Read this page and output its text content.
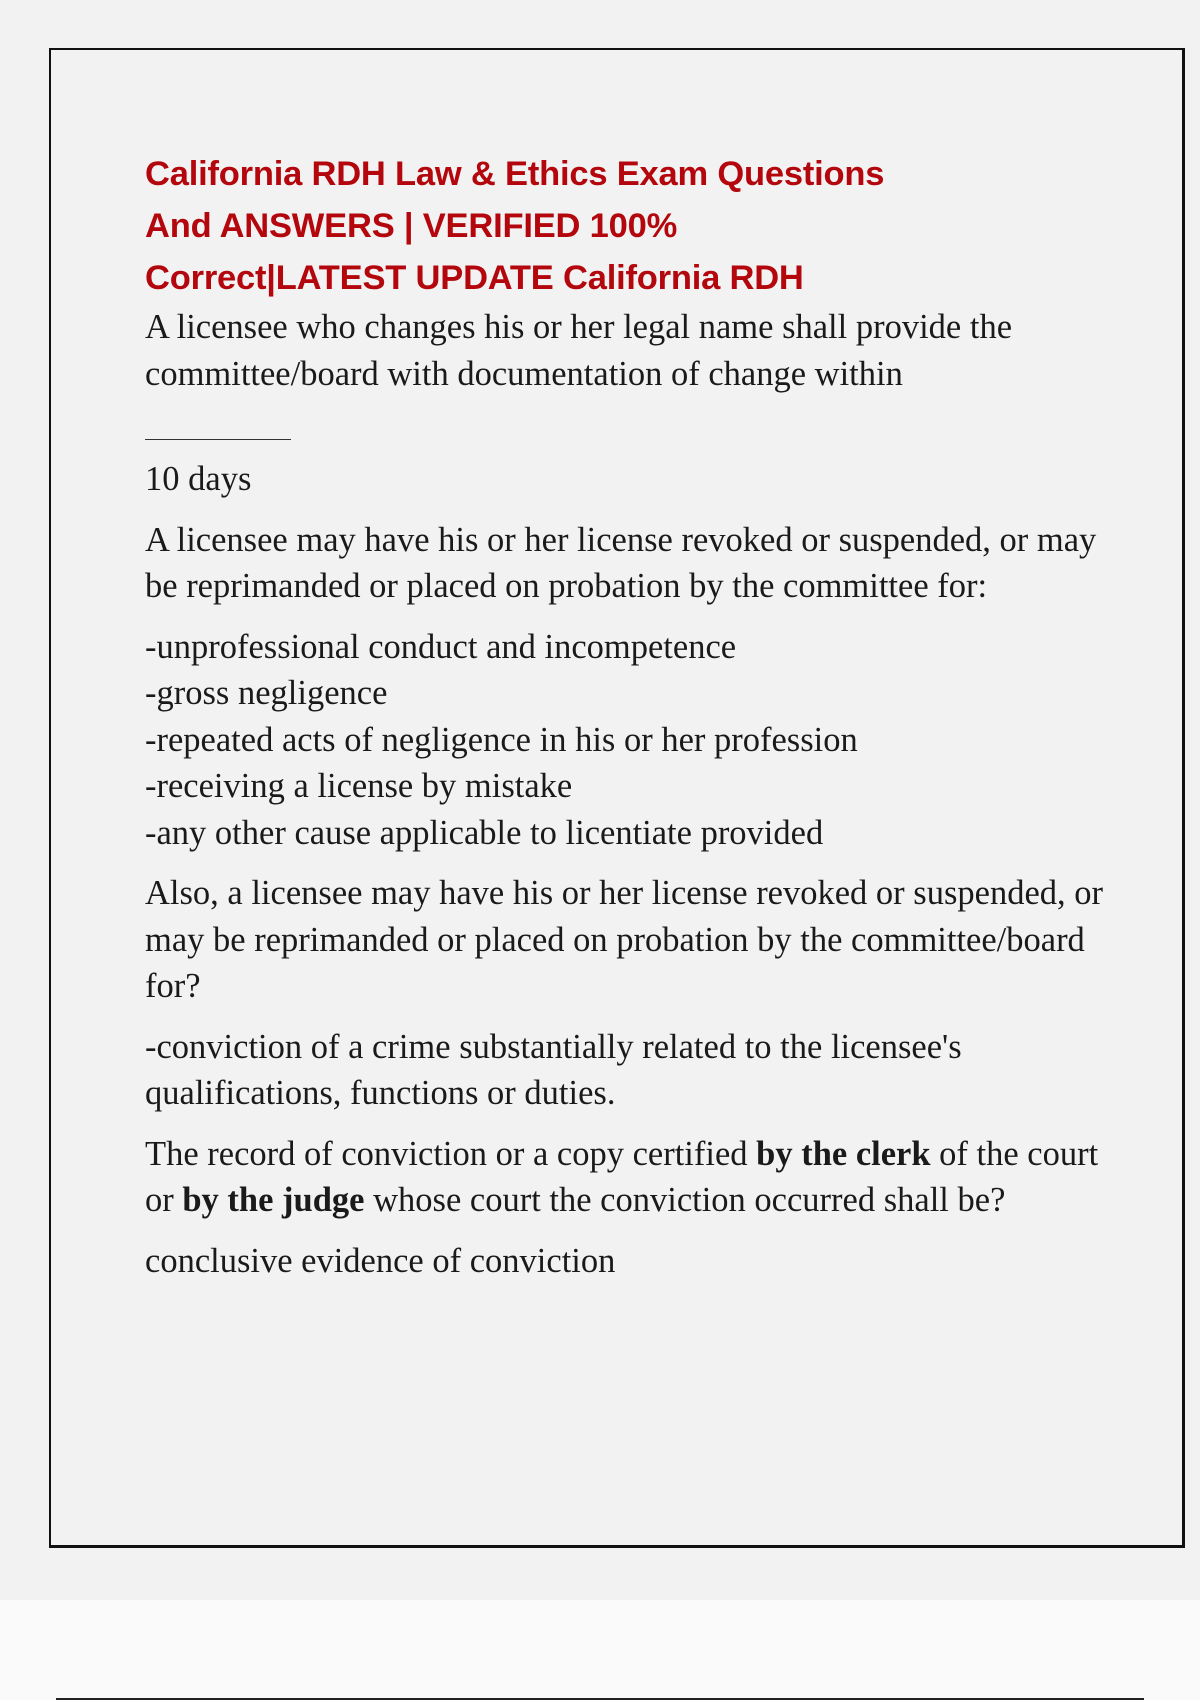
California RDH Law & Ethics Exam Questions
And ANSWERS | VERIFIED 100%
Correct|LATEST UPDATE California RDH

A licensee who changes his or her legal name shall provide the committee/board with documentation of change within

10 days

A licensee may have his or her license revoked or suspended, or may be reprimanded or placed on probation by the committee for:

-unprofessional conduct and incompetence
-gross negligence
-repeated acts of negligence in his or her profession
-receiving a license by mistake
-any other cause applicable to licentiate provided

Also, a licensee may have his or her license revoked or suspended, or may be reprimanded or placed on probation by the committee/board for?

-conviction of a crime substantially related to the licensee's qualifications, functions or duties.

The record of conviction or a copy certified by the clerk of the court or by the judge whose court the conviction occurred shall be?

conclusive evidence of conviction
